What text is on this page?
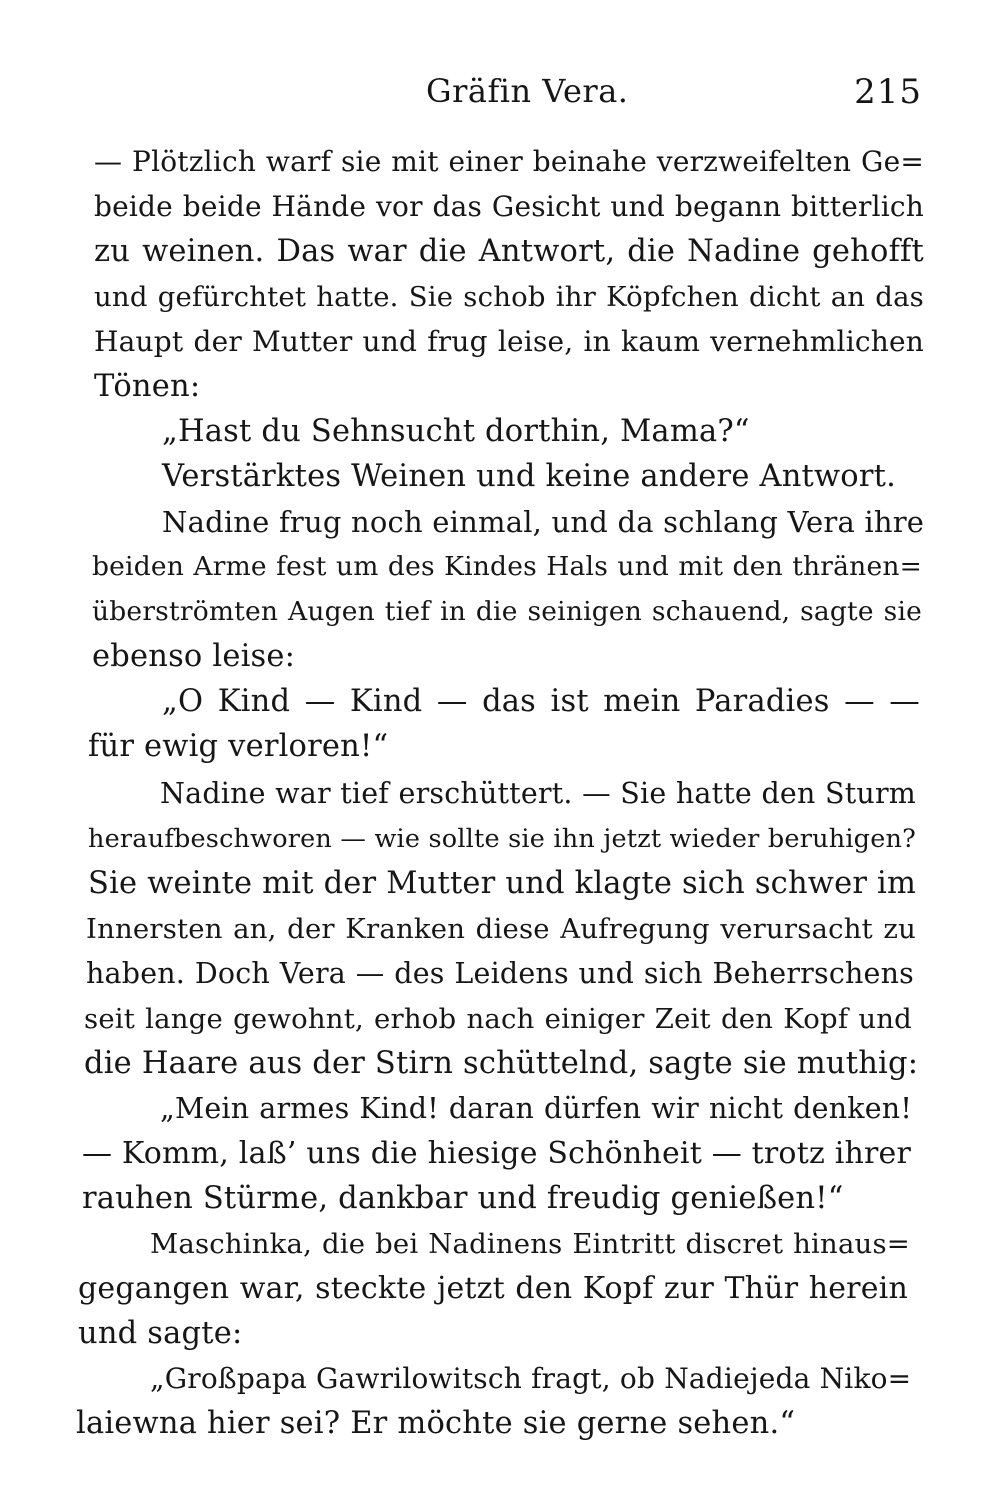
Gräfin Vera.	215
— Plötzlich warf sie mit einer beinahe verzweifelten Ge=
beide beide Hände vor das Gesicht und begann bitterlich
zu weinen. Das war die Antwort, die Nadine gehofft
und gefürchtet hatte. Sie schob ihr Köpfchen dicht an das
Haupt der Mutter und frug leise, in kaum vernehmlichen
Tönen:
„Hast du Sehnsucht dorthin, Mama?“
Verstärktes Weinen und keine andere Antwort.
Nadine frug noch einmal, und da schlang Vera ihre
beiden Arme fest um des Kindes Hals und mit den thränen=
überströmten Augen tief in die seinigen schauend, sagte sie
ebenso leise:
„O Kind — Kind — das ist mein Paradies — —
für ewig verloren!“
Nadine war tief erschüttert. — Sie hatte den Sturm
heraufbeschworen — wie sollte sie ihn jetzt wieder beruhigen?
Sie weinte mit der Mutter und klagte sich schwer im
Innersten an, der Kranken diese Aufregung verursacht zu
haben. Doch Vera — des Leidens und sich Beherrschens
seit lange gewohnt, erhob nach einiger Zeit den Kopf und
die Haare aus der Stirn schüttelnd, sagte sie muthig:
„Mein armes Kind! daran dürfen wir nicht denken!
— Komm, laß’ uns die hiesige Schönheit — trotz ihrer
rauhen Stürme, dankbar und freudig genießen!“
Maschinka, die bei Nadinens Eintritt discret hinaus=
gegangen war, steckte jetzt den Kopf zur Thür herein
und sagte:
„Großpapa Gawrilowitsch fragt, ob Nadiejeda Niko=
laiewna hier sei? Er möchte sie gerne sehen.“
